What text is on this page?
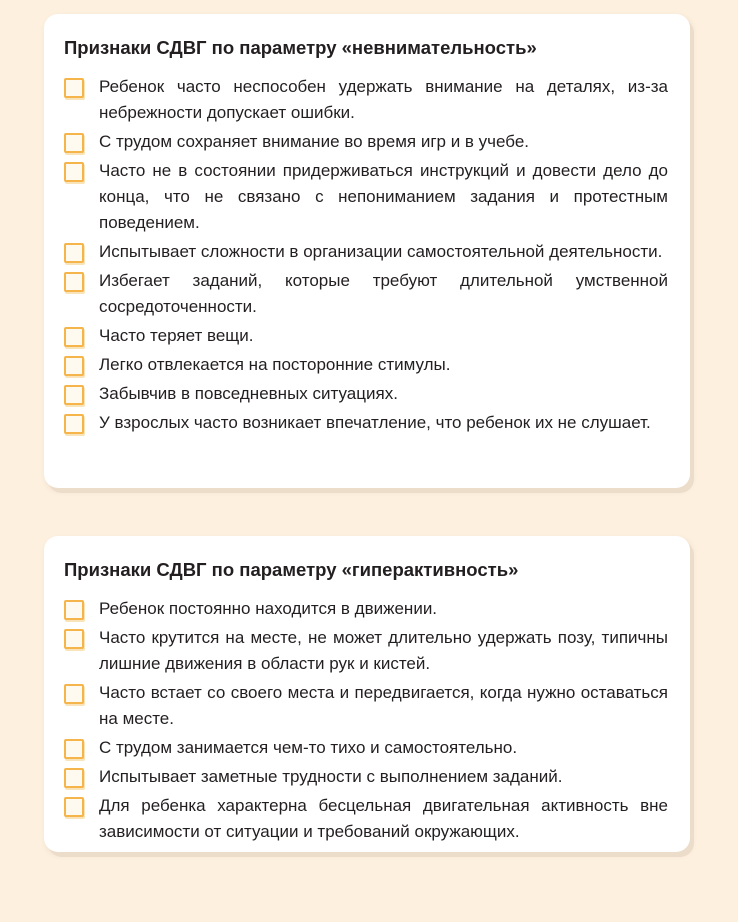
Признаки СДВГ по параметру «невнимательность»
Ребенок часто неспособен удержать внимание на деталях, из-за небрежности допускает ошибки.
С трудом сохраняет внимание во время игр и в учебе.
Часто не в состоянии придерживаться инструкций и довести дело до конца, что не связано с непониманием задания и протестным поведением.
Испытывает сложности в организации самостоятельной деятельности.
Избегает заданий, которые требуют длительной умственной сосредоточенности.
Часто теряет вещи.
Легко отвлекается на посторонние стимулы.
Забывчив в повседневных ситуациях.
У взрослых часто возникает впечатление, что ребенок их не слушает.
Признаки СДВГ по параметру «гиперактивность»
Ребенок постоянно находится в движении.
Часто крутится на месте, не может длительно удержать позу, типичны лишние движения в области рук и кистей.
Часто встает со своего места и передвигается, когда нужно оставаться на месте.
С трудом занимается чем-то тихо и самостоятельно.
Испытывает заметные трудности с выполнением заданий.
Для ребенка характерна бесцельная двигательная активность вне зависимости от ситуации и требований окружающих.
